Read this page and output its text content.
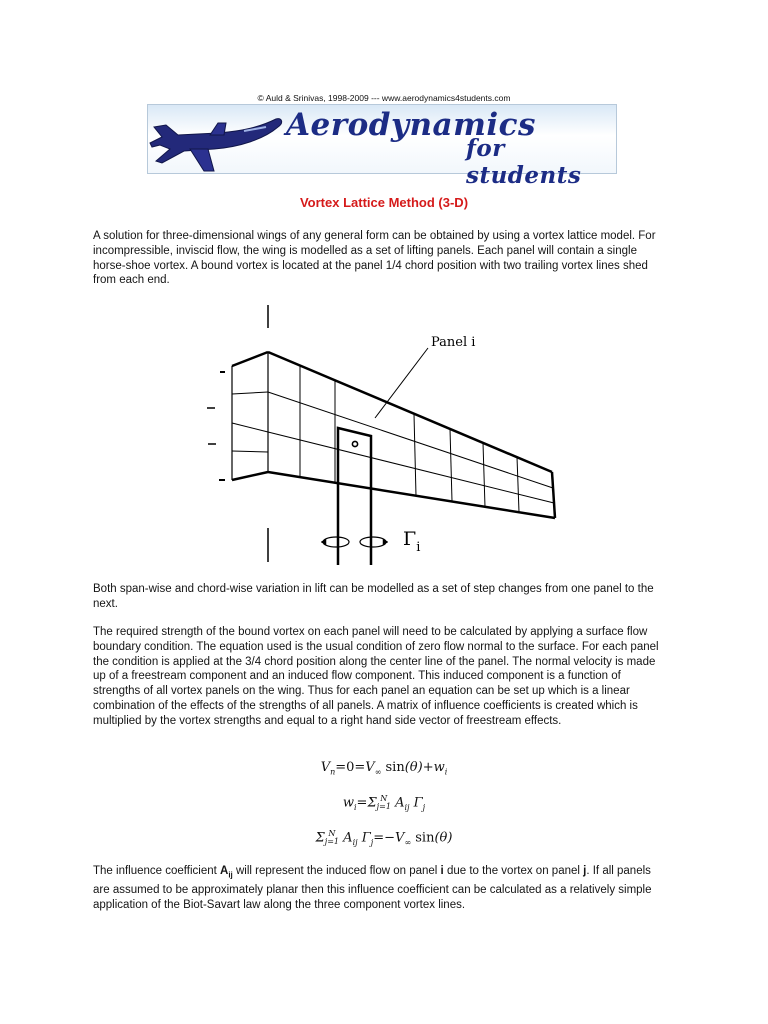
© Auld & Srinivas, 1998-2009 --- www.aerodynamics4students.com
Aerodynamics
for students
Vortex Lattice Method (3-D)

A solution for three-dimensional wings of any general form can be obtained by using a vortex lattice model. For incompressible, inviscid flow, the wing is modelled as a set of lifting panels. Each panel will contain a single horse-shoe vortex. A bound vortex is located at the panel 1/4 chord position with two trailing vortex lines shed from each end.

Panel i
$\Gamma_i$

Both span-wise and chord-wise variation in lift can be modelled as a set of step changes from one panel to the next.

The required strength of the bound vortex on each panel will need to be calculated by applying a surface flow boundary condition. The equation used is the usual condition of zero flow normal to the surface. For each panel the condition is applied at the 3/4 chord position along the center line of the panel. The normal velocity is made up of a freestream component and an induced flow component. This induced component is a function of strengths of all vortex panels on the wing. Thus for each panel an equation can be set up which is a linear combination of the effects of the strengths of all panels. A matrix of influence coefficients is created which is multiplied by the vortex strengths and equal to a right hand side vector of freestream effects.

$V_n=0=V_\infty$ $\sin(\theta)+w_i$
$w_i=\Sigma$ N
j=1 $A_{ij}$ $\Gamma_j$
Σ N
j=1 $A_{ij}$ $\Gamma_j=-V_\infty$ sin(θ)

The influence coefficient $A_{ij}$ will represent the induced flow on panel i due to the vortex on panel j. If all panels are assumed to be approximately planar then this influence coefficient can be calculated as a relatively simple application of the Biot-Savart law along the three component vortex lines.
